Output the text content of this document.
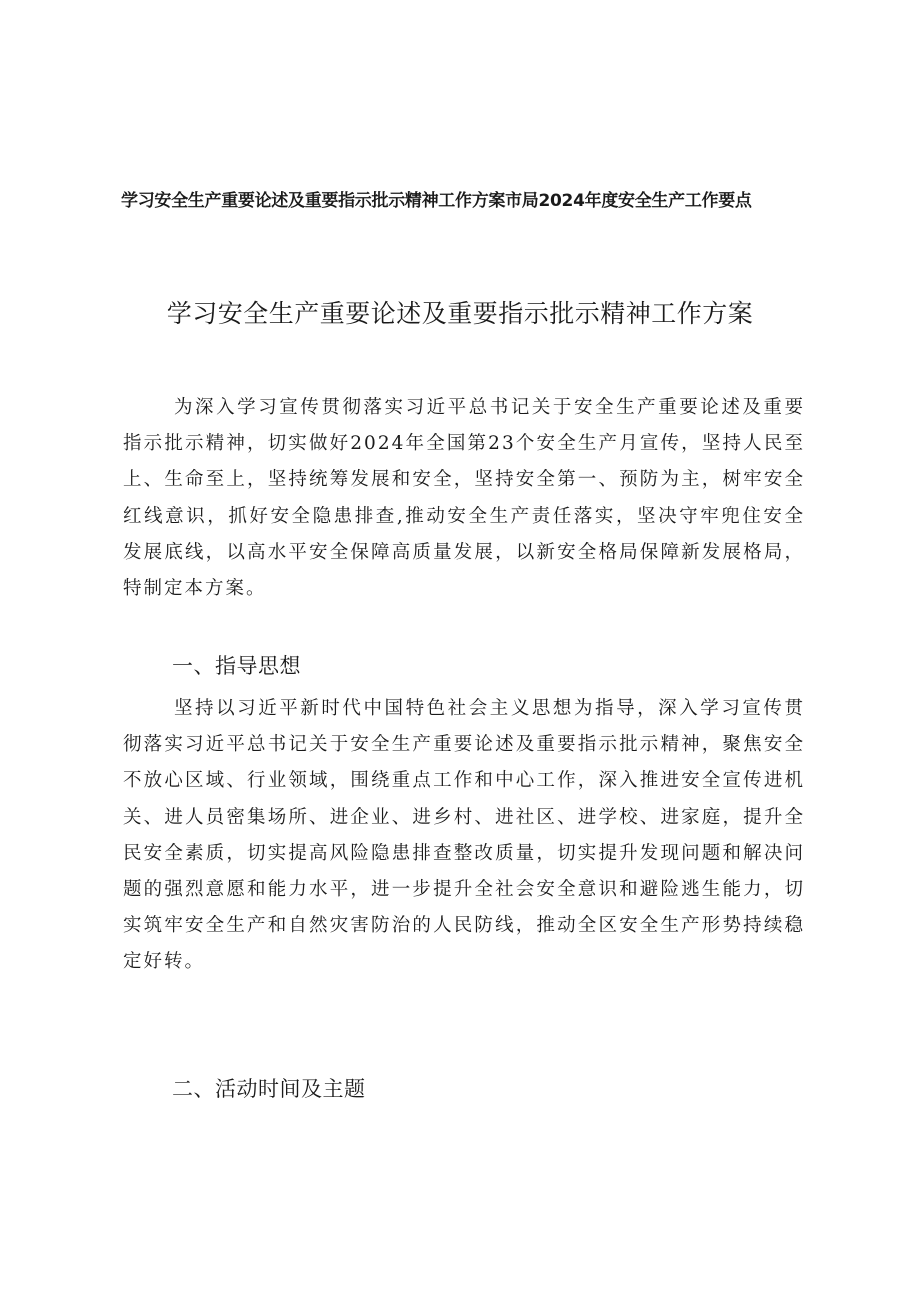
学习安全生产重要论述及重要指示批示精神工作方案市局2024年度安全生产工作要点
学习安全生产重要论述及重要指示批示精神工作方案

为深入学习宣传贯彻落实习近平总书记关于安全生产重要论述及重要指示批示精神，切实做好2024年全国第23个安全生产月宣传，坚持人民至上、生命至上，坚持统筹发展和安全，坚持安全第一、预防为主，树牢安全红线意识，抓好安全隐患排查,推动安全生产责任落实，坚决守牢兜住安全发展底线，以高水平安全保障高质量发展，以新安全格局保障新发展格局，特制定本方案。

一、指导思想

坚持以习近平新时代中国特色社会主义思想为指导，深入学习宣传贯彻落实习近平总书记关于安全生产重要论述及重要指示批示精神，聚焦安全不放心区域、行业领域，围绕重点工作和中心工作，深入推进安全宣传进机关、进人员密集场所、进企业、进乡村、进社区、进学校、进家庭，提升全民安全素质，切实提高风险隐患排查整改质量，切实提升发现问题和解决问题的强烈意愿和能力水平，进一步提升全社会安全意识和避险逃生能力，切实筑牢安全生产和自然灾害防治的人民防线，推动全区安全生产形势持续稳定好转。

二、活动时间及主题
